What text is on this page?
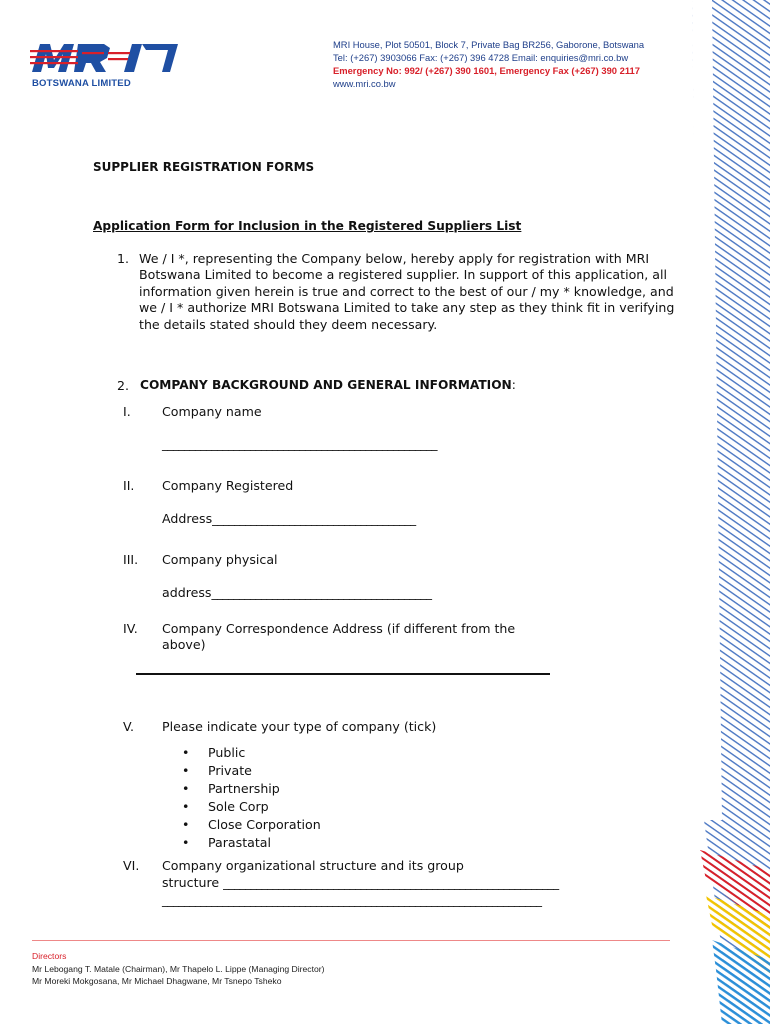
BOTSWANA LIMITED
MRI House, Plot 50501, Block 7, Private Bag BR256, Gaborone, Botswana
Tel: (+267) 3903066 Fax: (+267) 396 4728 Email: enquiries@mri.co.bw
Emergency No: 992/ (+267) 390 1601, Emergency Fax (+267) 390 2117
www.mri.co.bw
SUPPLIER REGISTRATION FORMS
Application Form for Inclusion in the Registered Suppliers List
1. We / I *, representing the Company below, hereby apply for registration with MRI Botswana Limited to become a registered supplier. In support of this application, all information given herein is true and correct to the best of our / my * knowledge, and we / I * authorize MRI Botswana Limited to take any step as they think fit in verifying the details stated should they deem necessary.
2. COMPANY BACKGROUND AND GENERAL INFORMATION:
I. Company name
__________________________________________________
II. Company Registered
Address_____________________________________
III. Company physical
address________________________________________
IV. Company Correspondence Address (if different from the above)
V. Please indicate your type of company (tick)
• Public
• Private
• Partnership
• Sole Corp
• Close Corporation
• Parastatal
VI. Company organizational structure and its group
structure _____________________________________________________________
_____________________________________________________________________
Directors
Mr Lebogang T. Matale (Chairman), Mr Thapelo L. Lippe (Managing Director)
Mr Moreki Mokgosana, Mr Michael Dhagwane, Mr Tsnepo Tsheko
